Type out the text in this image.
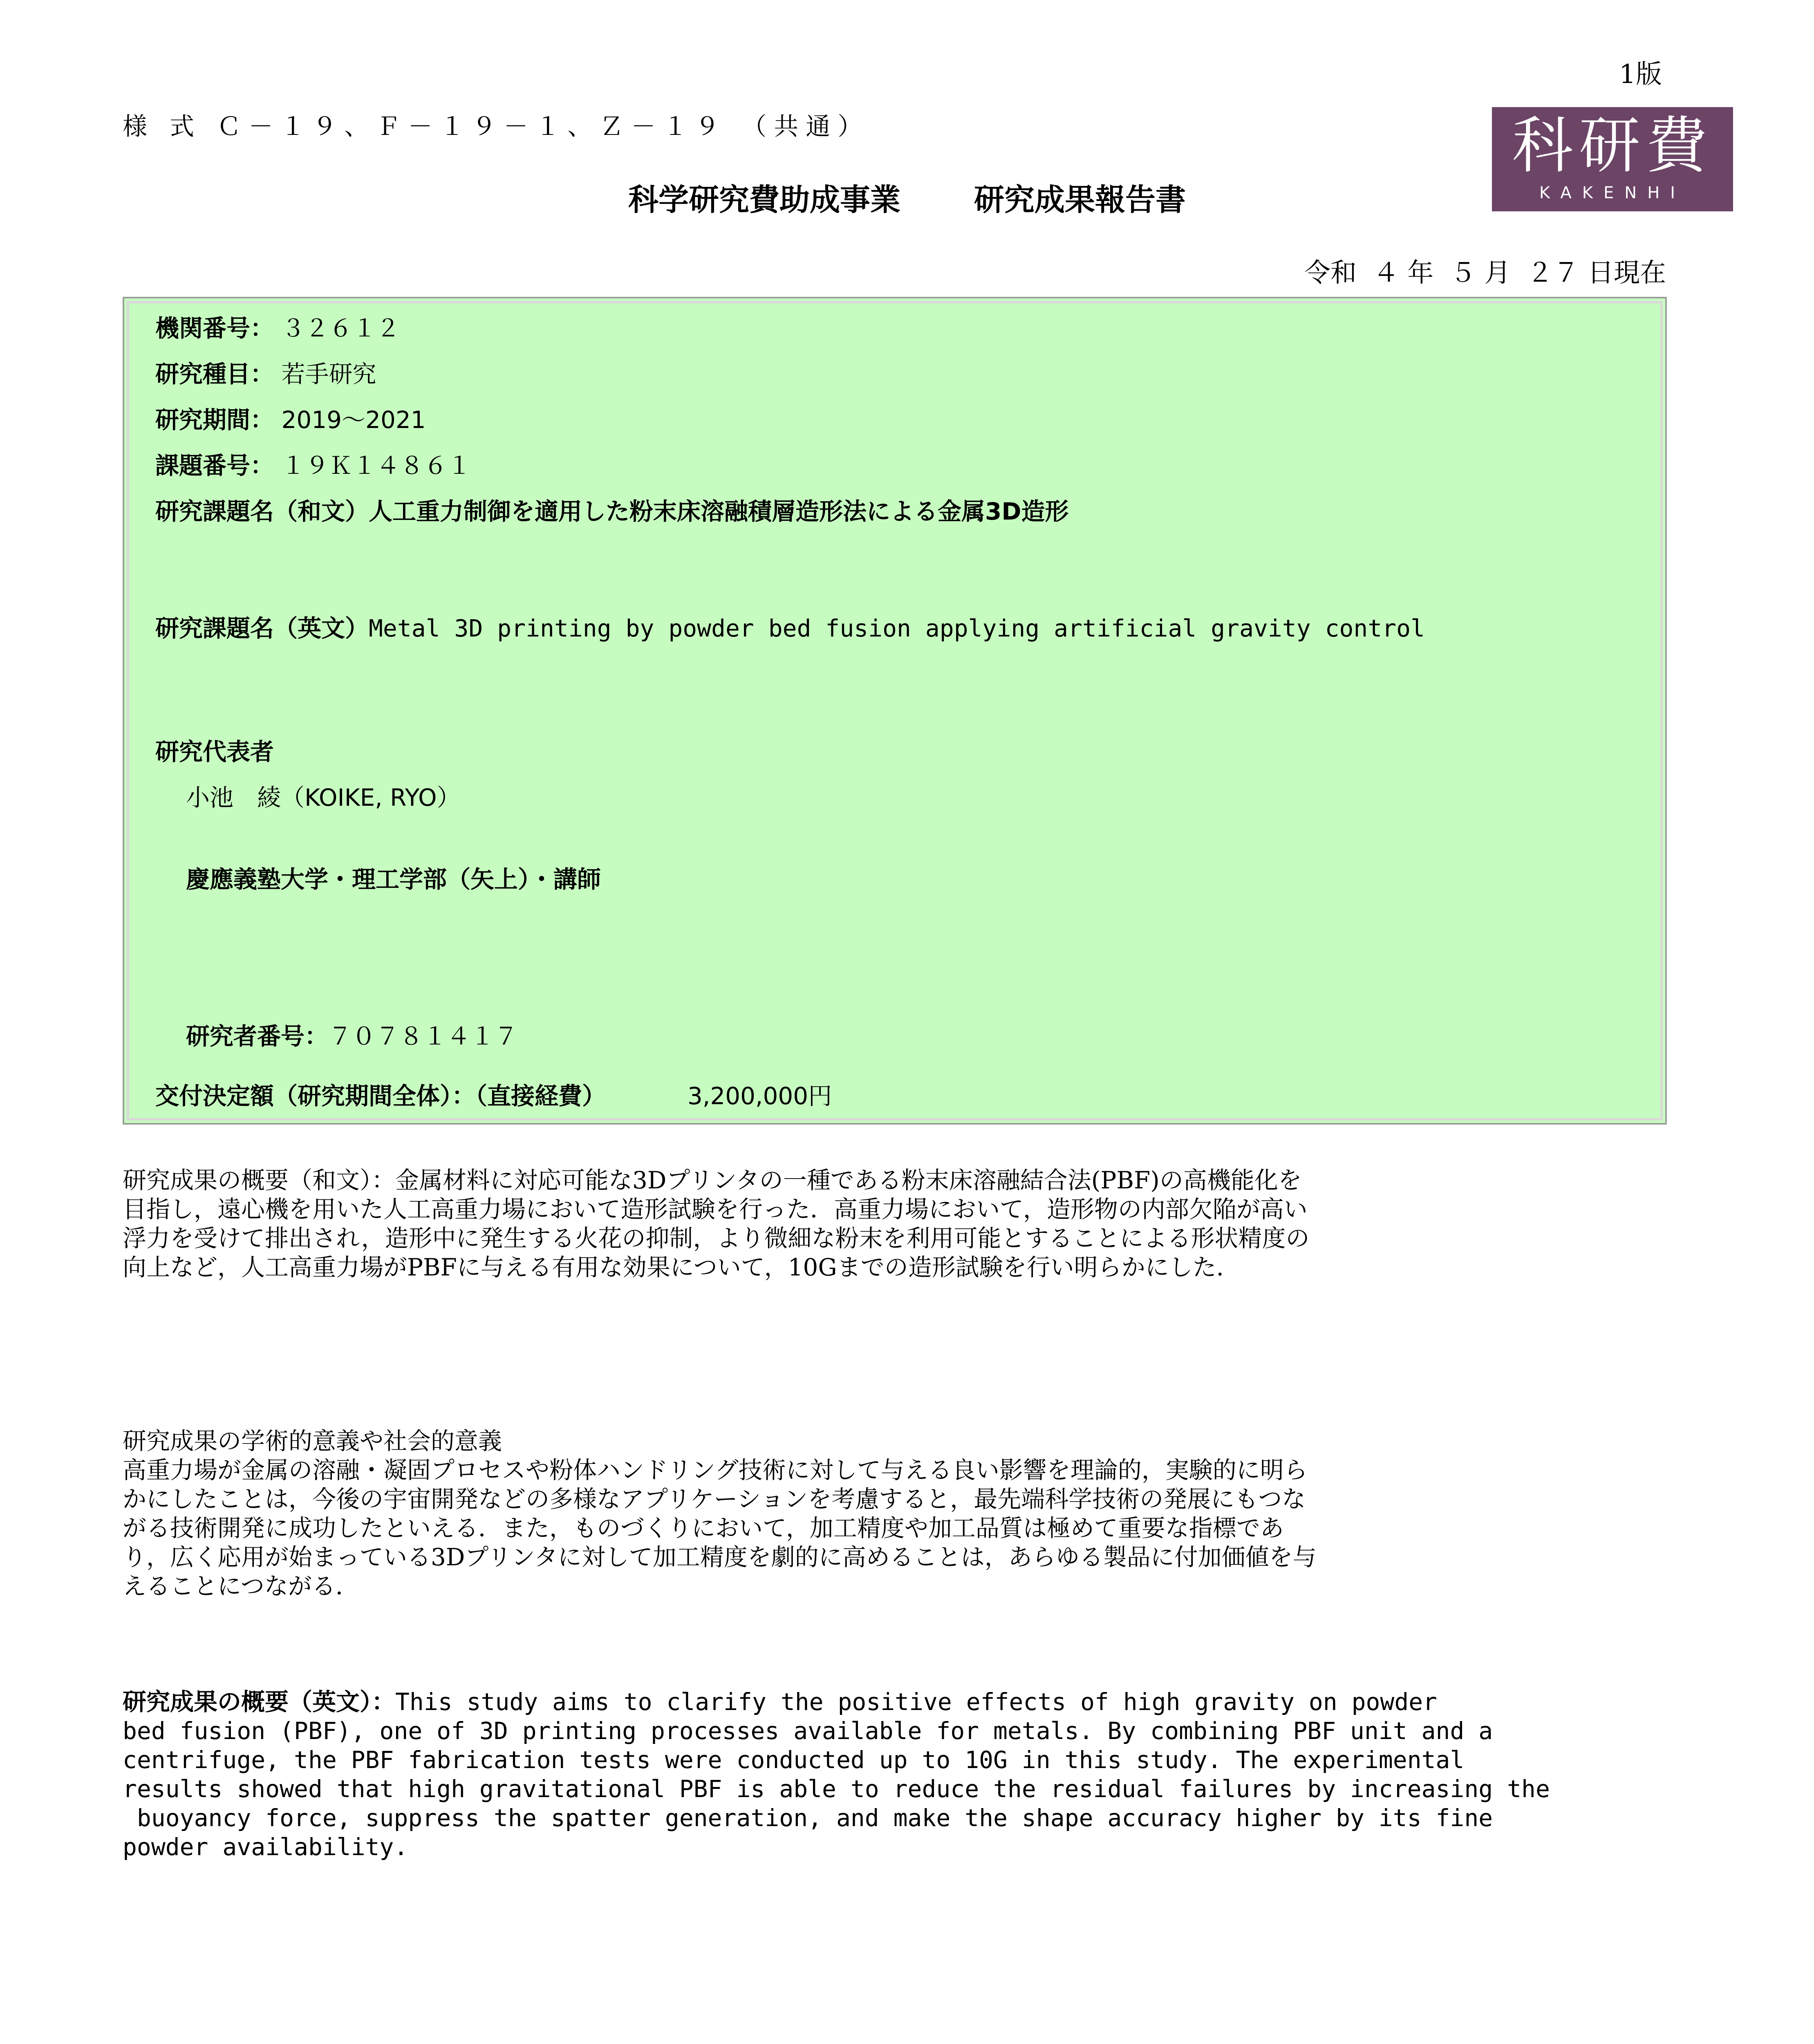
1版
様 式 Ｃ－１９、Ｆ－１９－１、Ｚ－１９ （共通）	科研費
KAKENHI
科学研究費助成事業 研究成果報告書
令和 ４ 年 ５ 月 ２７ 日現在
機関番号： ３２６１２
研究種目： 若手研究
研究期間： 2019～2021
課題番号： １９Ｋ１４８６１
研究課題名（和文）人工重力制御を適用した粉末床溶融積層造形法による金属3D造形
研究課題名（英文）Metal 3D printing by powder bed fusion applying artificial gravity control
研究代表者
小池　綾（KOIKE, RYO）
慶應義塾大学・理工学部（矢上）・講師
研究者番号：７０７８１４１７
交付決定額（研究期間全体）：（直接経費）	3,200,000円
研究成果の概要（和文）：金属材料に対応可能な3Dプリンタの一種である粉末床溶融結合法(PBF)の高機能化を
目指し，遠心機を用いた人工高重力場において造形試験を行った．高重力場において，造形物の内部欠陥が高い
浮力を受けて排出され，造形中に発生する火花の抑制，より微細な粉末を利用可能とすることによる形状精度の
向上など，人工高重力場がPBFに与える有用な効果について，10Gまでの造形試験を行い明らかにした．
研究成果の学術的意義や社会的意義
高重力場が金属の溶融・凝固プロセスや粉体ハンドリング技術に対して与える良い影響を理論的，実験的に明ら
かにしたことは，今後の宇宙開発などの多様なアプリケーションを考慮すると，最先端科学技術の発展にもつな
がる技術開発に成功したといえる．また，ものづくりにおいて，加工精度や加工品質は極めて重要な指標であ
り，広く応用が始まっている3Dプリンタに対して加工精度を劇的に高めることは，あらゆる製品に付加価値を与
えることにつながる．
研究成果の概要（英文）：This study aims to clarify the positive effects of high gravity on powder
bed fusion (PBF), one of 3D printing processes available for metals. By combining PBF unit and a
centrifuge, the PBF fabrication tests were conducted up to 10G in this study. The experimental
results showed that high gravitational PBF is able to reduce the residual failures by increasing the
buoyancy force, suppress the spatter generation, and make the shape accuracy higher by its fine
powder availability.
